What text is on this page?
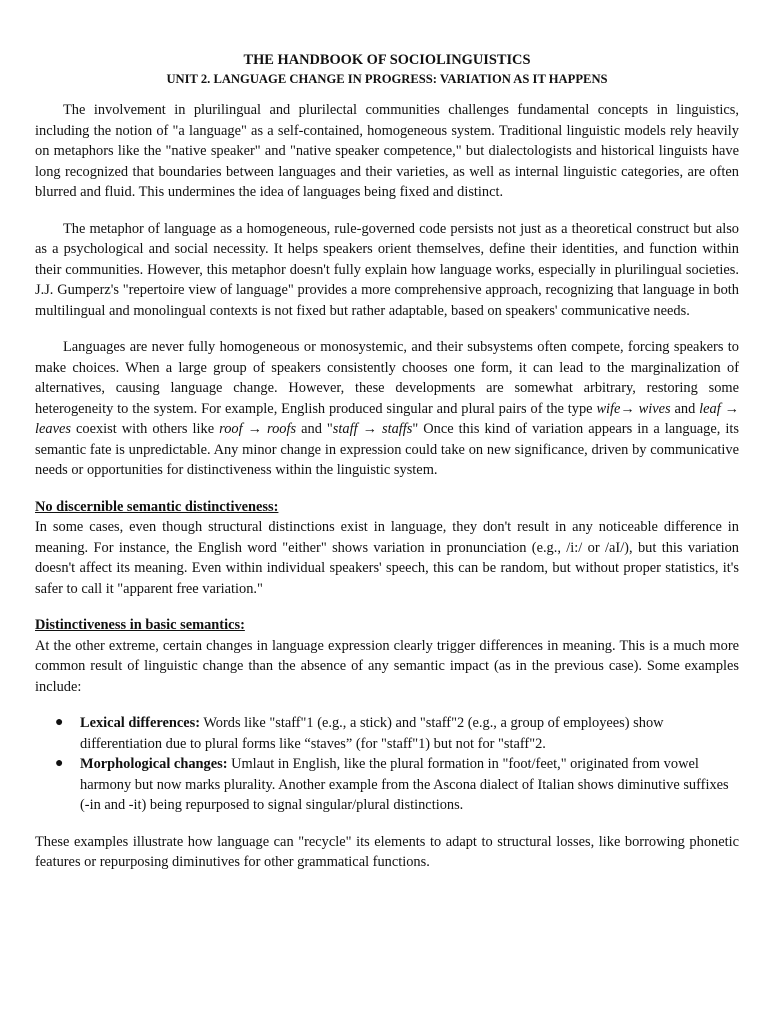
THE HANDBOOK OF SOCIOLINGUISTICS
UNIT 2. LANGUAGE CHANGE IN PROGRESS: VARIATION AS IT HAPPENS

The involvement in plurilingual and plurilectal communities challenges fundamental concepts in linguistics, including the notion of "a language" as a self-contained, homogeneous system. Traditional linguistic models rely heavily on metaphors like the "native speaker" and "native speaker competence," but dialectologists and historical linguists have long recognized that boundaries between languages and their varieties, as well as internal linguistic categories, are often blurred and fluid. This undermines the idea of languages being fixed and distinct.

The metaphor of language as a homogeneous, rule-governed code persists not just as a theoretical construct but also as a psychological and social necessity. It helps speakers orient themselves, define their identities, and function within their communities. However, this metaphor doesn't fully explain how language works, especially in plurilingual societies. J.J. Gumperz's "repertoire view of language" provides a more comprehensive approach, recognizing that language in both multilingual and monolingual contexts is not fixed but rather adaptable, based on speakers' communicative needs.

Languages are never fully homogeneous or monosystemic, and their subsystems often compete, forcing speakers to make choices. When a large group of speakers consistently chooses one form, it can lead to the marginalization of alternatives, causing language change. However, these developments are somewhat arbitrary, restoring some heterogeneity to the system. For example, English produced singular and plural pairs of the type wife→ wives and leaf → leaves coexist with others like roof → roofs and "staff → staffs" Once this kind of variation appears in a language, its semantic fate is unpredictable. Any minor change in expression could take on new significance, driven by communicative needs or opportunities for distinctiveness within the linguistic system.

No discernible semantic distinctiveness:

In some cases, even though structural distinctions exist in language, they don't result in any noticeable difference in meaning. For instance, the English word "either" shows variation in pronunciation (e.g., /i:/ or /aI/), but this variation doesn't affect its meaning. Even within individual speakers' speech, this can be random, but without proper statistics, it's safer to call it "apparent free variation."

Distinctiveness in basic semantics:

At the other extreme, certain changes in language expression clearly trigger differences in meaning. This is a much more common result of linguistic change than the absence of any semantic impact (as in the previous case). Some examples include:

● Lexical differences: Words like "staff"1 (e.g., a stick) and "staff"2 (e.g., a group of employees) show differentiation due to plural forms like “staves” (for "staff"1) but not for "staff"2.
● Morphological changes: Umlaut in English, like the plural formation in "foot/feet," originated from vowel harmony but now marks plurality. Another example from the Ascona dialect of Italian shows diminutive suffixes (-in and -it) being repurposed to signal singular/plural distinctions.

These examples illustrate how language can "recycle" its elements to adapt to structural losses, like borrowing phonetic features or repurposing diminutives for other grammatical functions.
